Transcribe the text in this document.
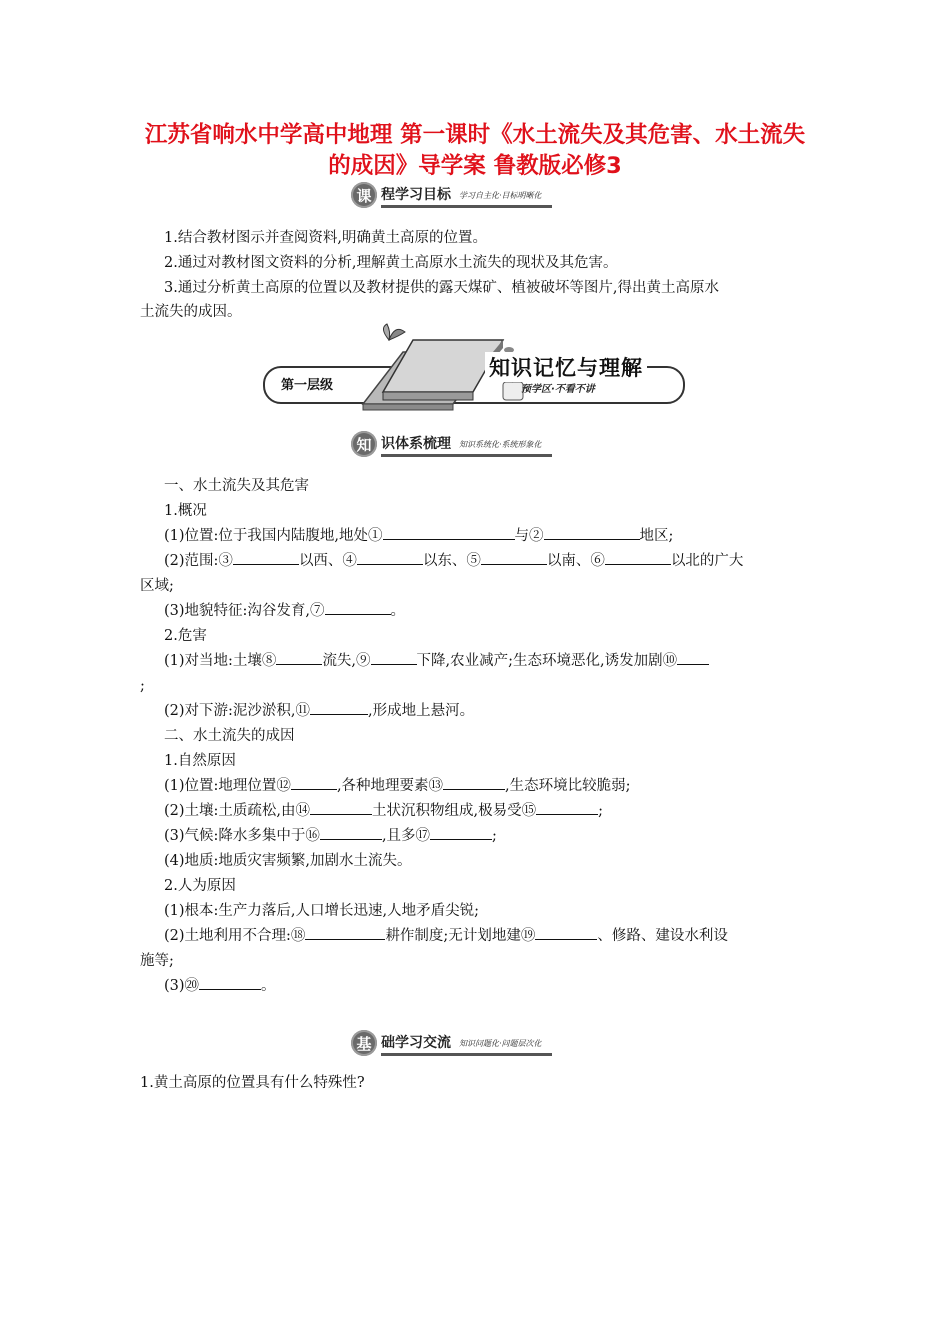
江苏省响水中学高中地理 第一课时《水土流失及其危害、水土流失
的成因》导学案 鲁教版必修3
课 程学习目标	学习自主化·目标明晰化
1.结合教材图示并查阅资料,明确黄土高原的位置。
2.通过对教材图文资料的分析,理解黄土高原水土流失的现状及其危害。
3.通过分析黄土高原的位置以及教材提供的露天煤矿、植被破坏等图片,得出黄土高原水
土流失的成因。
第一层级
知识记忆与理解
预学区·不看不讲
知 识体系梳理	知识系统化·系统形象化
一、水土流失及其危害
1.概况
(1)位置:位于我国内陆腹地,地处①	与②	地区;
(2)范围:③	以西、④	以东、⑤	以南、⑥	以北的广大
区域;
(3)地貌特征:沟谷发育,⑦	。
2.危害
(1)对当地:土壤⑧	流失,⑨	下降,农业减产;生态环境恶化,诱发加剧⑩
;
(2)对下游:泥沙淤积,⑪	,形成地上悬河。
二、水土流失的成因
1.自然原因
(1)位置:地理位置⑫	,各种地理要素⑬	,生态环境比较脆弱;
(2)土壤:土质疏松,由⑭	土状沉积物组成,极易受⑮	;
(3)气候:降水多集中于⑯	,且多⑰	;
(4)地质:地质灾害频繁,加剧水土流失。
2.人为原因
(1)根本:生产力落后,人口增长迅速,人地矛盾尖锐;
(2)土地利用不合理:⑱	耕作制度;无计划地建⑲	、修路、建设水利设
施等;
(3)⑳	。
基 础学习交流	知识问题化·问题层次化
1.黄土高原的位置具有什么特殊性?
